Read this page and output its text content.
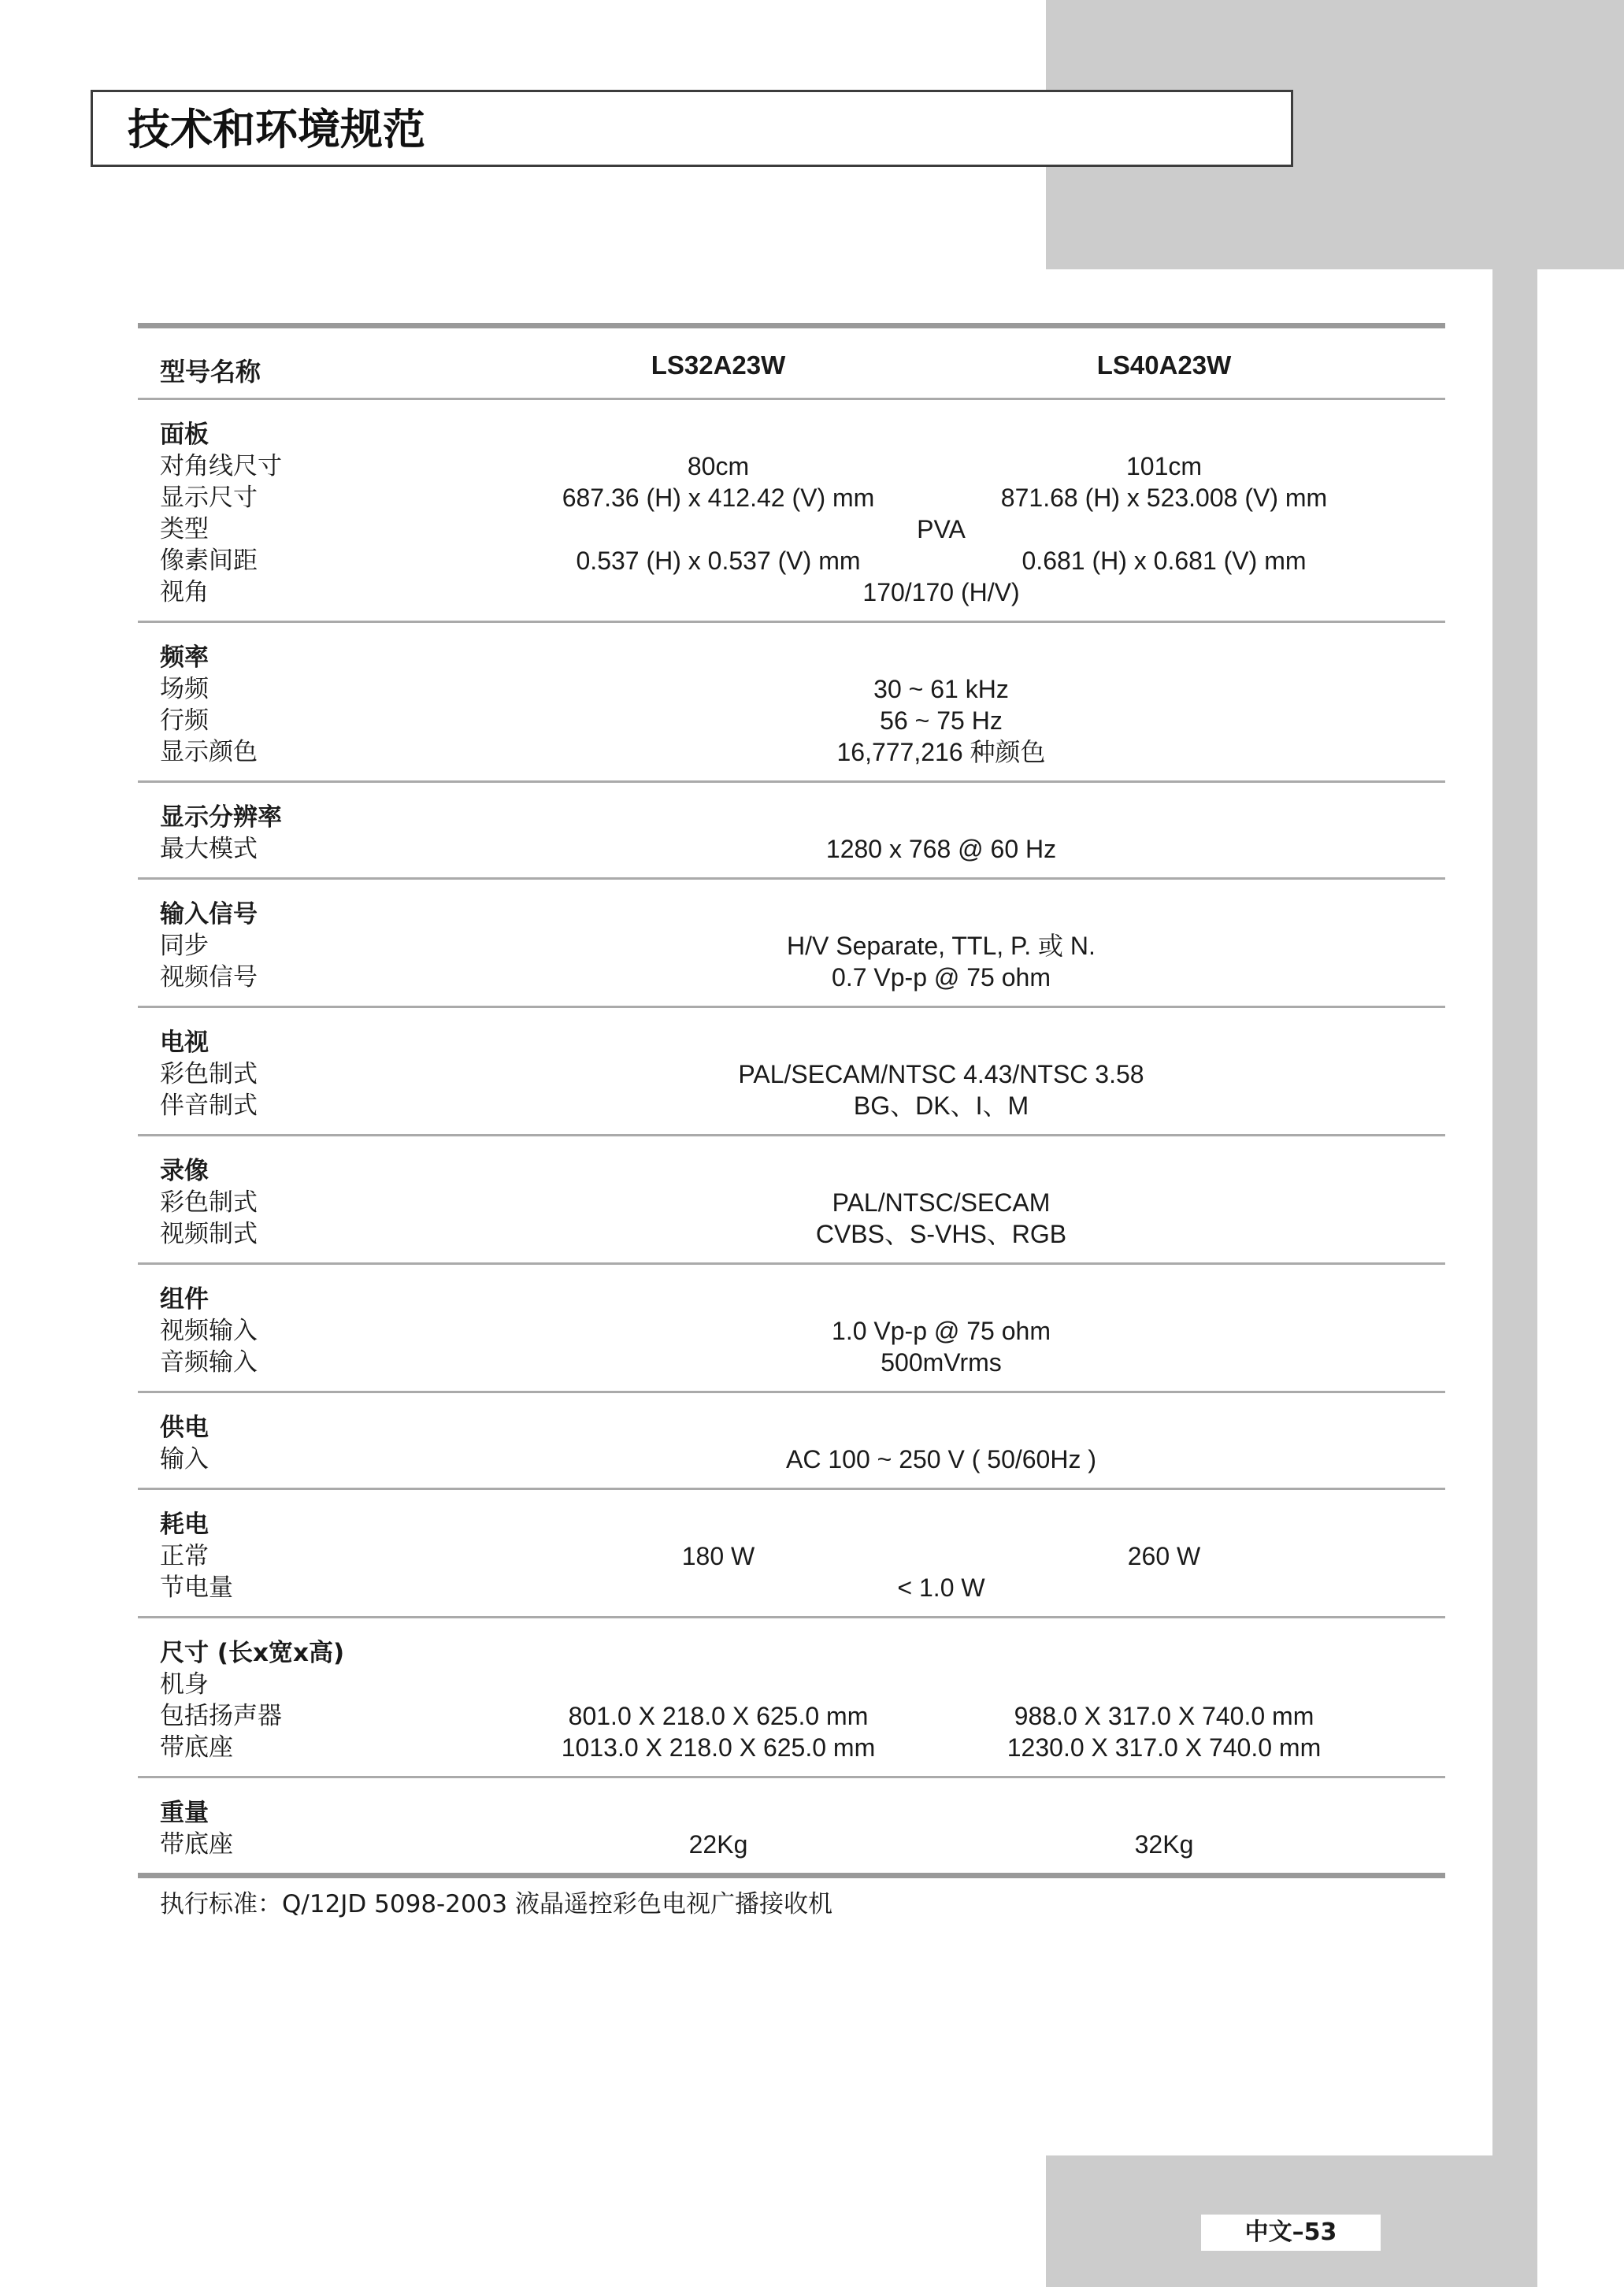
技术和环境规范
型号名称	LS32A23W	LS40A23W
面板
对角线尺寸	80cm	101cm
显示尺寸	687.36 (H) x 412.42 (V) mm	871.68 (H) x 523.008 (V) mm
类型	PVA
像素间距	0.537 (H) x 0.537 (V) mm	0.681 (H) x 0.681 (V) mm
视角	170/170 (H/V)
频率
场频	30 ~ 61 kHz
行频	56 ~ 75 Hz
显示颜色	16,777,216 种颜色
显示分辨率
最大模式	1280 x 768 @ 60 Hz
输入信号
同步	H/V Separate, TTL, P. 或 N.
视频信号	0.7 Vp-p @ 75 ohm
电视
彩色制式	PAL/SECAM/NTSC 4.43/NTSC 3.58
伴音制式	BG、DK、I、M
录像
彩色制式	PAL/NTSC/SECAM
视频制式	CVBS、S-VHS、RGB
组件
视频输入	1.0 Vp-p @ 75 ohm
音频输入	500mVrms
供电
输入	AC 100 ~ 250 V ( 50/60Hz )
耗电
正常	180 W	260 W
节电量	< 1.0 W
尺寸 (长x宽x高)
机身
包括扬声器	801.0 X 218.0 X 625.0 mm	988.0 X 317.0 X 740.0 mm
带底座	1013.0 X 218.0 X 625.0 mm	1230.0 X 317.0 X 740.0 mm
重量
带底座	22Kg	32Kg
执行标准：Q/12JD 5098-2003 液晶遥控彩色电视广播接收机
中文–53
